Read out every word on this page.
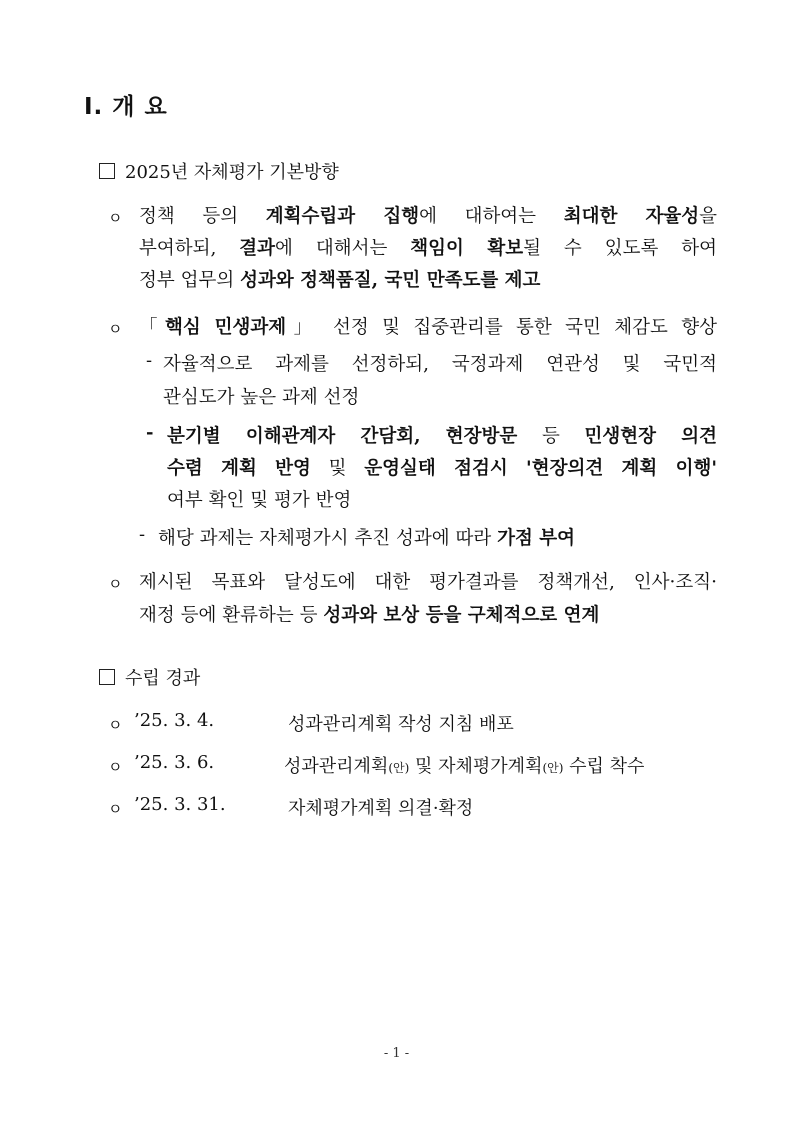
Ⅰ. 개 요
2025년 자체평가 기본방향
ㅇ 정책 등의 계획수립과 집행에 대하여는 최대한 자율성을
부여하되, 결과에 대해서는 책임이 확보될 수 있도록 하여
정부 업무의 성과와 정책품질, 국민 만족도를 제고
ㅇ 「핵심 민생과제」 선정 및 집중관리를 통한 국민 체감도 향상
- 자율적으로 과제를 선정하되, 국정과제 연관성 및 국민적
관심도가 높은 과제 선정
- 분기별 이해관계자 간담회, 현장방문 등 민생현장 의견
수렴 계획 반영 및 운영실태 점검시 '현장의견 계획 이행'
여부 확인 및 평가 반영
- 해당 과제는 자체평가시 추진 성과에 따라 가점 부여
ㅇ 제시된 목표와 달성도에 대한 평가결과를 정책개선, 인사·조직·
재정 등에 환류하는 등 성과와 보상 등을 구체적으로 연계
수립 경과
ㅇ ’25. 3. 4.	성과관리계획 작성 지침 배포
ㅇ ’25. 3. 6.	성과관리계획(안) 및 자체평가계획(안) 수립 착수
ㅇ ’25. 3. 31.	자체평가계획 의결·확정
- 1 -
